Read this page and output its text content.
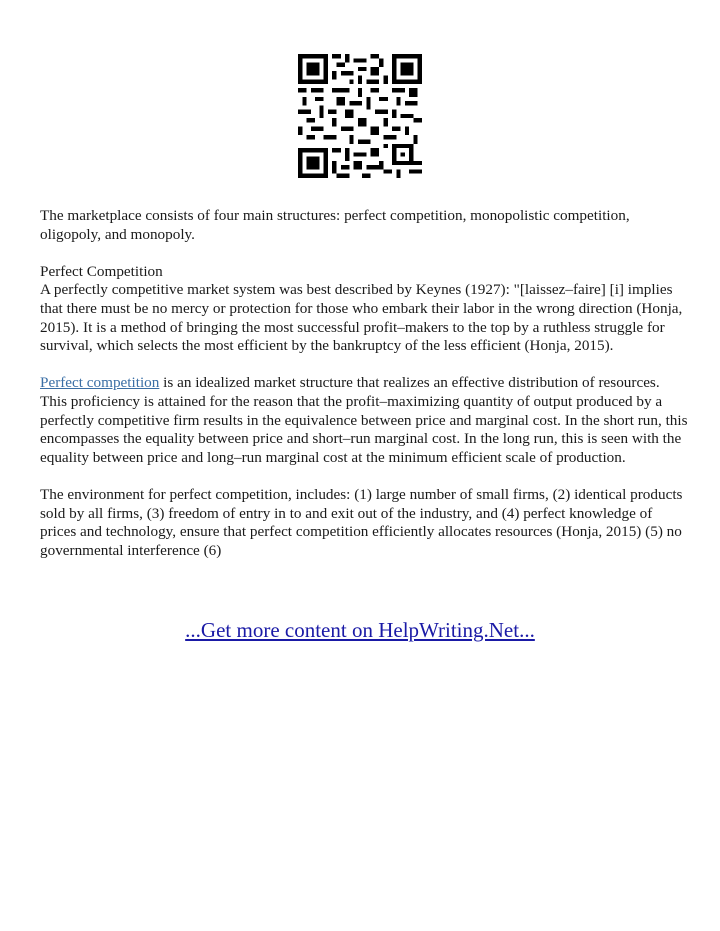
The marketplace consists of four main structures: perfect competition, monopolistic competition, oligopoly, and monopoly.

Perfect Competition

A perfectly competitive market system was best described by Keynes (1927): "[laissez–faire] [i] implies that there must be no mercy or protection for those who embark their labor in the wrong direction (Honja, 2015). It is a method of bringing the most successful profit–makers to the top by a ruthless struggle for survival, which selects the most efficient by the bankruptcy of the less efficient (Honja, 2015).

Perfect competition is an idealized market structure that realizes an effective distribution of resources. This proficiency is attained for the reason that the profit–maximizing quantity of output produced by a perfectly competitive firm results in the equivalence between price and marginal cost. In the short run, this encompasses the equality between price and short–run marginal cost. In the long run, this is seen with the equality between price and long–run marginal cost at the minimum efficient scale of production.

The environment for perfect competition, includes: (1) large number of small firms, (2) identical products sold by all firms, (3) freedom of entry in to and exit out of the industry, and (4) perfect knowledge of prices and technology, ensure that perfect competition efficiently allocates resources (Honja, 2015) (5) no governmental interference (6)

...Get more content on HelpWriting.Net...
